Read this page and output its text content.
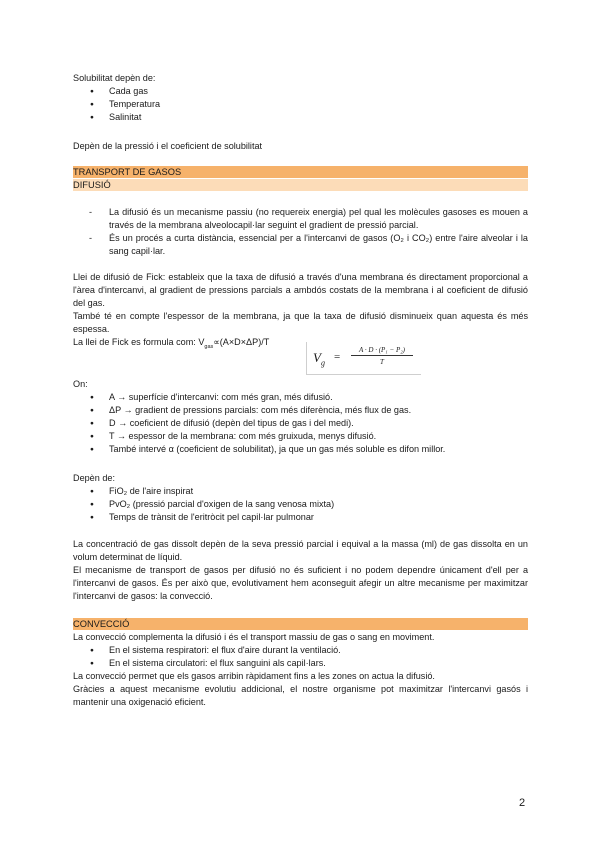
Solubilitat depèn de:

● Cada gas
● Temperatura
● Salinitat

Depèn de la pressió i el coeficient de solubilitat

TRANSPORT DE GASOS
DIFUSIÓ
- La difusió és un mecanisme passiu (no requereix energia) pel qual les molècules gasoses es mouen a través de la membrana alveolocapil·lar seguint el gradient de pressió parcial.
- És un procés a curta distància, essencial per a l'intercanvi de gasos (O₂ i CO₂) entre l'aire alveolar i la sang capil·lar.

Llei de difusió de Fick: estableix que la taxa de difusió a través d'una membrana és directament proporcional a l'àrea d'intercanvi, al gradient de pressions parcials a ambdós costats de la membrana i al coeficient de difusió del gas.

També té en compte l'espessor de la membrana, ja que la taxa de difusió disminueix quan aquesta és més espessa.

La llei de Fick es formula com: $V_{gas}\propto(A\times D\times\Delta P)/T$

$V_g$
=
A · D · (P₁ − P₂)
T

On:

● A → superfície d'intercanvi: com més gran, més difusió.
● ΔP → gradient de pressions parcials: com més diferència, més flux de gas.
● D → coeficient de difusió (depèn del tipus de gas i del medi).
● T → espessor de la membrana: com més gruixuda, menys difusió.
● També intervé α (coeficient de solubilitat), ja que un gas més soluble es difon millor.

Depèn de:

● FiO₂ de l'aire inspirat
● PvO₂ (pressió parcial d'oxigen de la sang venosa mixta)
● Temps de trànsit de l'eritròcit pel capil·lar pulmonar

La concentració de gas dissolt depèn de la seva pressió parcial i equival a la massa (ml) de gas dissolta en un volum determinat de líquid.

El mecanisme de transport de gasos per difusió no és suficient i no podem dependre únicament d'ell per a l'intercanvi de gasos. És per això que, evolutivament hem aconseguit afegir un altre mecanisme per maximitzar l'intercanvi de gasos: la convecció.

CONVECCIÓ

La convecció complementa la difusió i és el transport massiu de gas o sang en moviment.

● En el sistema respiratori: el flux d'aire durant la ventilació.
● En el sistema circulatori: el flux sanguini als capil·lars.

La convecció permet que els gasos arribin ràpidament fins a les zones on actua la difusió.

Gràcies a aquest mecanisme evolutiu addicional, el nostre organisme pot maximitzar l'intercanvi gasós i mantenir una oxigenació eficient.

2
